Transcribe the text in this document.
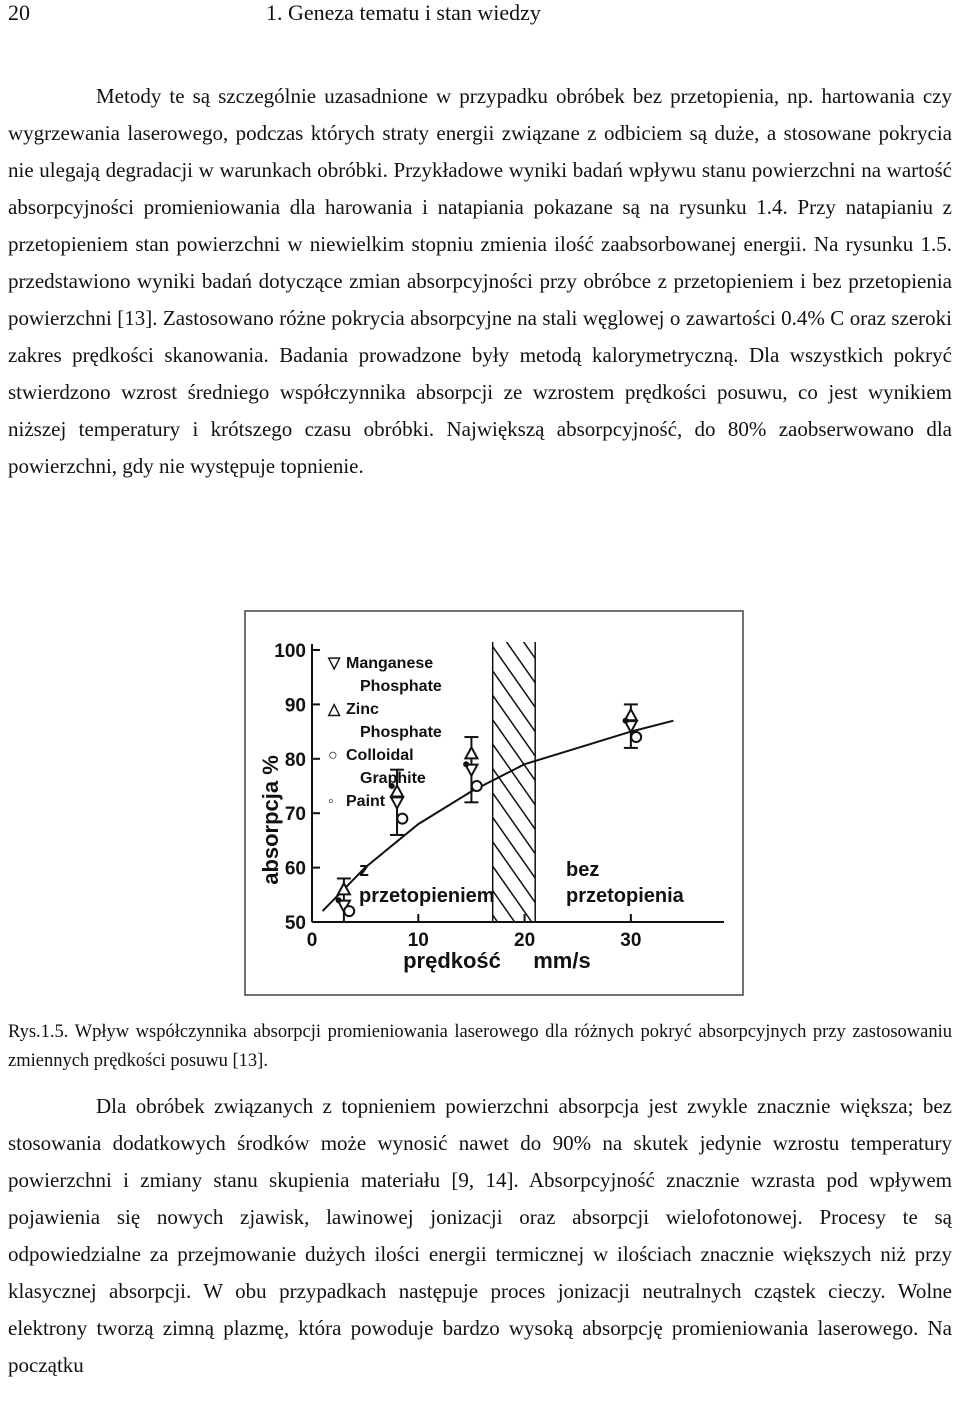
20	1. Geneza tematu i stan wiedzy

Metody te są szczególnie uzasadnione w przypadku obróbek bez przetopienia, np. hartowania czy wygrzewania laserowego, podczas których straty energii związane z odbiciem są duże, a stosowane pokrycia nie ulegają degradacji w warunkach obróbki. Przykładowe wyniki badań wpływu stanu powierzchni na wartość absorpcyjności promieniowania dla harowania i natapiania pokazane są na rysunku 1.4. Przy natapianiu z przetopieniem stan powierzchni w niewielkim stopniu zmienia ilość zaabsorbowanej energii. Na rysunku 1.5. przedstawiono wyniki badań dotyczące zmian absorpcyjności przy obróbce z przetopieniem i bez przetopienia powierzchni [13]. Zastosowano różne pokrycia absorpcyjne na stali węglowej o zawartości 0.4% C oraz szeroki zakres prędkości skanowania. Badania prowadzone były metodą kalorymetryczną. Dla wszystkich pokryć stwierdzono wzrost średniego współczynnika absorpcji ze wzrostem prędkości posuwu, co jest wynikiem niższej temperatury i krótszego czasu obróbki. Największą absorpcyjność, do 80% zaobserwowano dla powierzchni, gdy nie występuje topnienie.

50
60
70
80
90
100
0	10	20	30
▽ Manganese
Phosphate
△ Zinc
Phosphate
○ Colloidal
Graphite
◦ Paint
absorpcja %
prędkość mm/s
z
przetopieniem
bez
przetopienia

Rys.1.5. Wpływ współczynnika absorpcji promieniowania laserowego dla różnych pokryć absorpcyjnych przy zastosowaniu zmiennych prędkości posuwu [13].

Dla obróbek związanych z topnieniem powierzchni absorpcja jest zwykle znacznie większa; bez stosowania dodatkowych środków może wynosić nawet do 90% na skutek jedynie wzrostu temperatury powierzchni i zmiany stanu skupienia materiału [9, 14]. Absorpcyjność znacznie wzrasta pod wpływem pojawienia się nowych zjawisk, lawinowej jonizacji oraz absorpcji wielofotonowej. Procesy te są odpowiedzialne za przejmowanie dużych ilości energii termicznej w ilościach znacznie większych niż przy klasycznej absorpcji. W obu przypadkach następuje proces jonizacji neutralnych cząstek cieczy. Wolne elektrony tworzą zimną plazmę, która powoduje bardzo wysoką absorpcję promieniowania laserowego. Na początku
